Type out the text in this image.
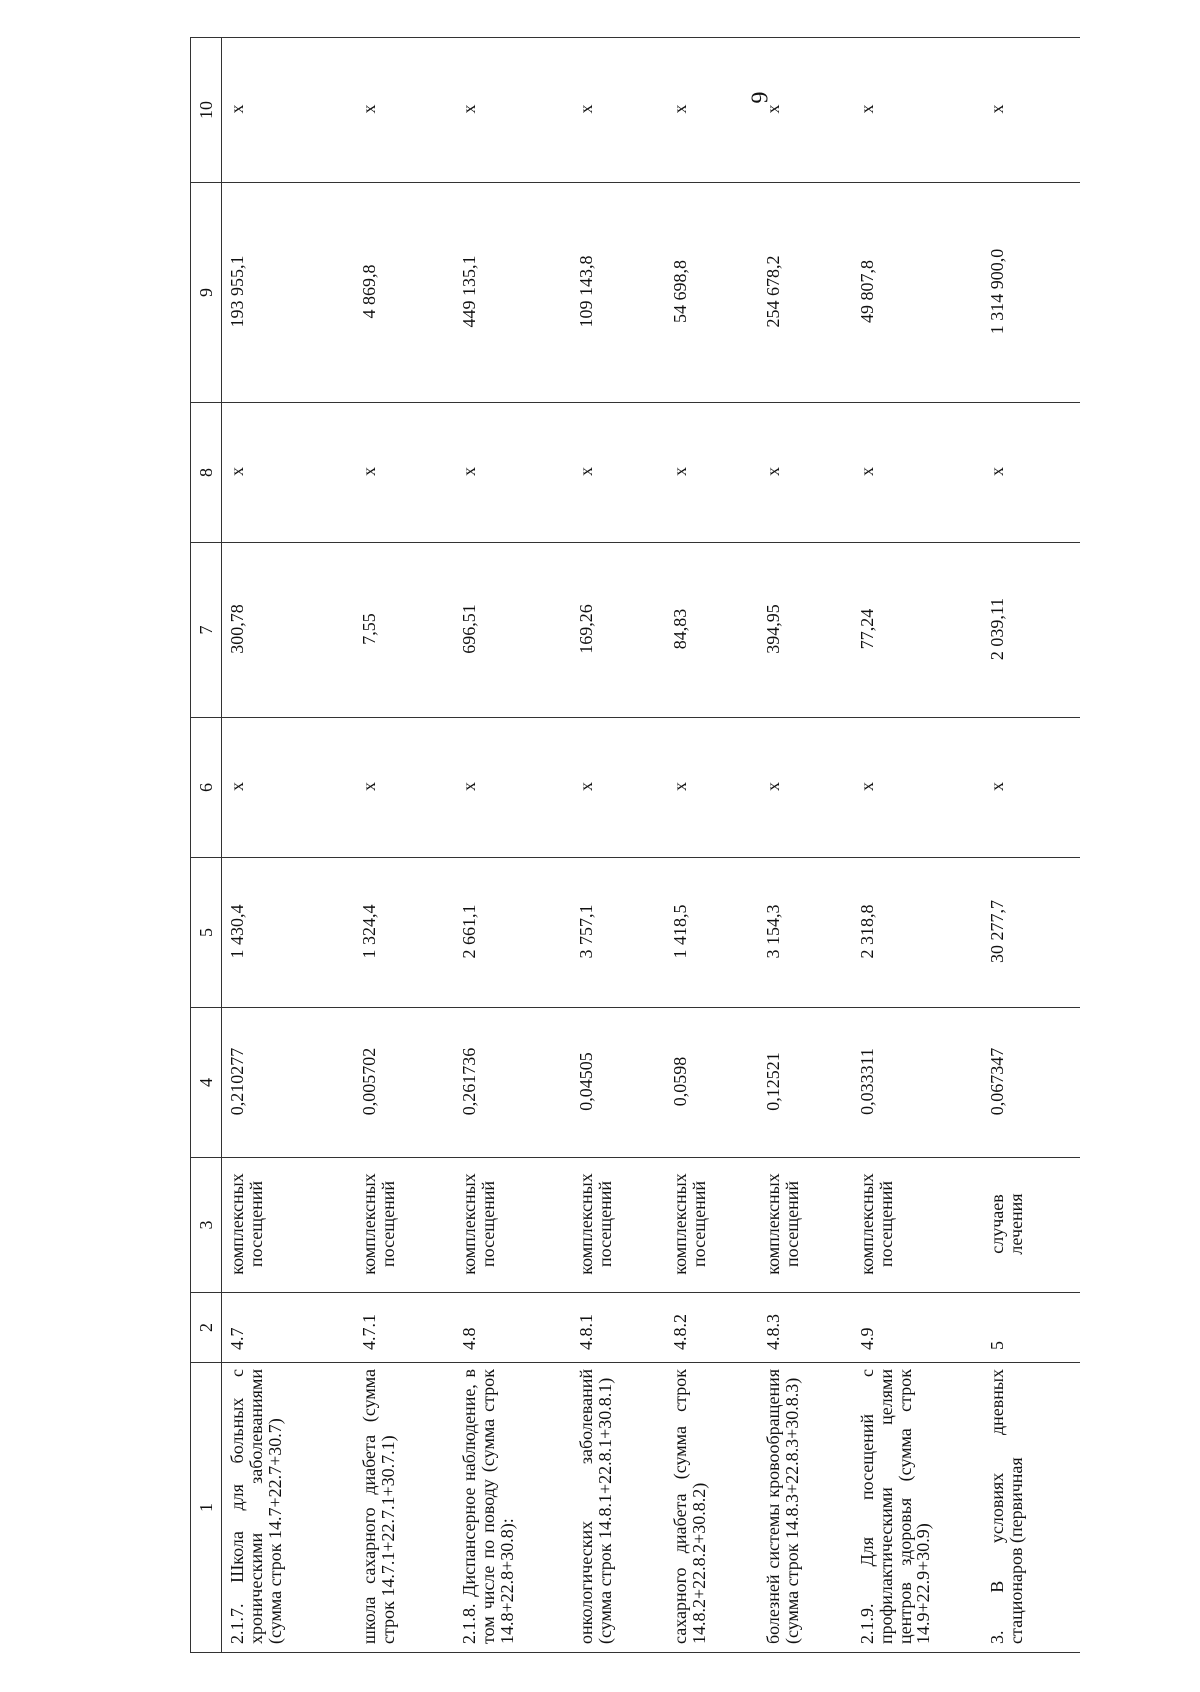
6
1	2	3	4	5	6	7	8	9	10
2.1.7. Школа для больных с хроническими заболеваниями (сумма строк 14.7+22.7+30.7)	4.7	комплексных посещений	0,210277	1 430,4	х	300,78	х	193 955,1	х
школа сахарного диабета (сумма строк 14.7.1+22.7.1+30.7.1)	4.7.1	комплексных посещений	0,005702	1 324,4	х	7,55	х	4 869,8	х
2.1.8. Диспансерное наблюдение, в том числе по поводу (сумма строк 14.8+22.8+30.8):	4.8	комплексных посещений	0,261736	2 661,1	х	696,51	х	449 135,1	х
онкологических заболеваний (сумма строк 14.8.1+22.8.1+30.8.1)	4.8.1	комплексных посещений	0,04505	3 757,1	х	169,26	х	109 143,8	х
сахарного диабета (сумма строк 14.8.2+22.8.2+30.8.2)	4.8.2	комплексных посещений	0,0598	1 418,5	х	84,83	х	54 698,8	х
болезней системы кровообращения (сумма строк 14.8.3+22.8.3+30.8.3)	4.8.3	комплексных посещений	0,12521	3 154,3	х	394,95	х	254 678,2	х
2.1.9. Для посещений с профилактическими целями центров здоровья (сумма строк 14.9+22.9+30.9)	4.9	комплексных посещений	0,033311	2 318,8	х	77,24	х	49 807,8	х
3. В условиях дневных стационаров (первичная	5	случаев лечения	0,067347	30 277,7	х	2 039,11	х	1 314 900,0	х
